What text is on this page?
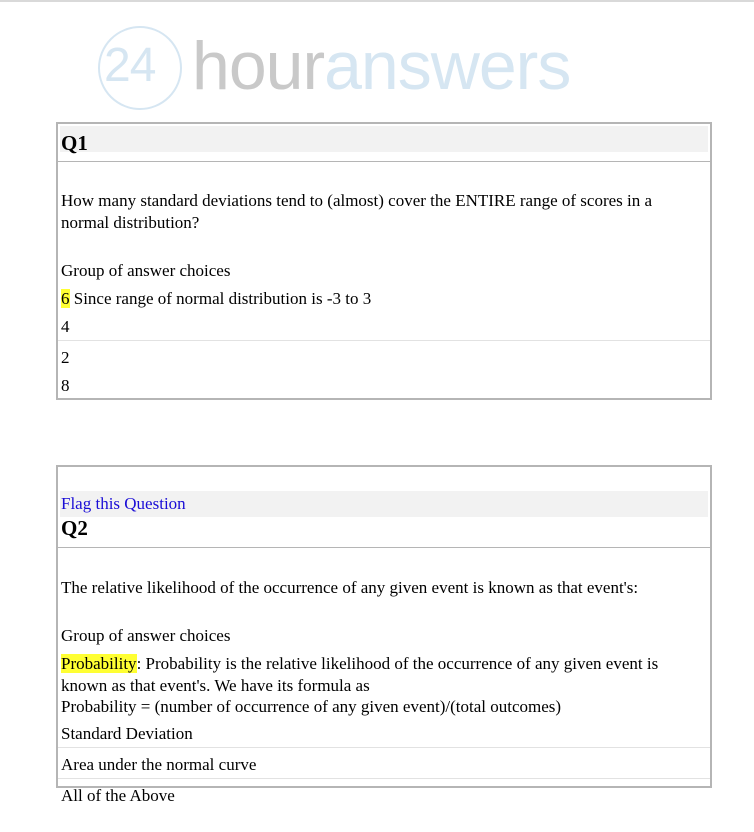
24 houranswers
Q1
How many standard deviations tend to (almost) cover the ENTIRE range of scores in a normal distribution?
Group of answer choices
6 Since range of normal distribution is -3 to 3
4
2
8
Flag this Question
Q2
The relative likelihood of the occurrence of any given event is known as that event's:
Group of answer choices
Probability: Probability is the relative likelihood of the occurrence of any given event is known as that event's. We have its formula as
Probability = (number of occurrence of any given event)/(total outcomes)
Standard Deviation
Area under the normal curve
All of the Above
